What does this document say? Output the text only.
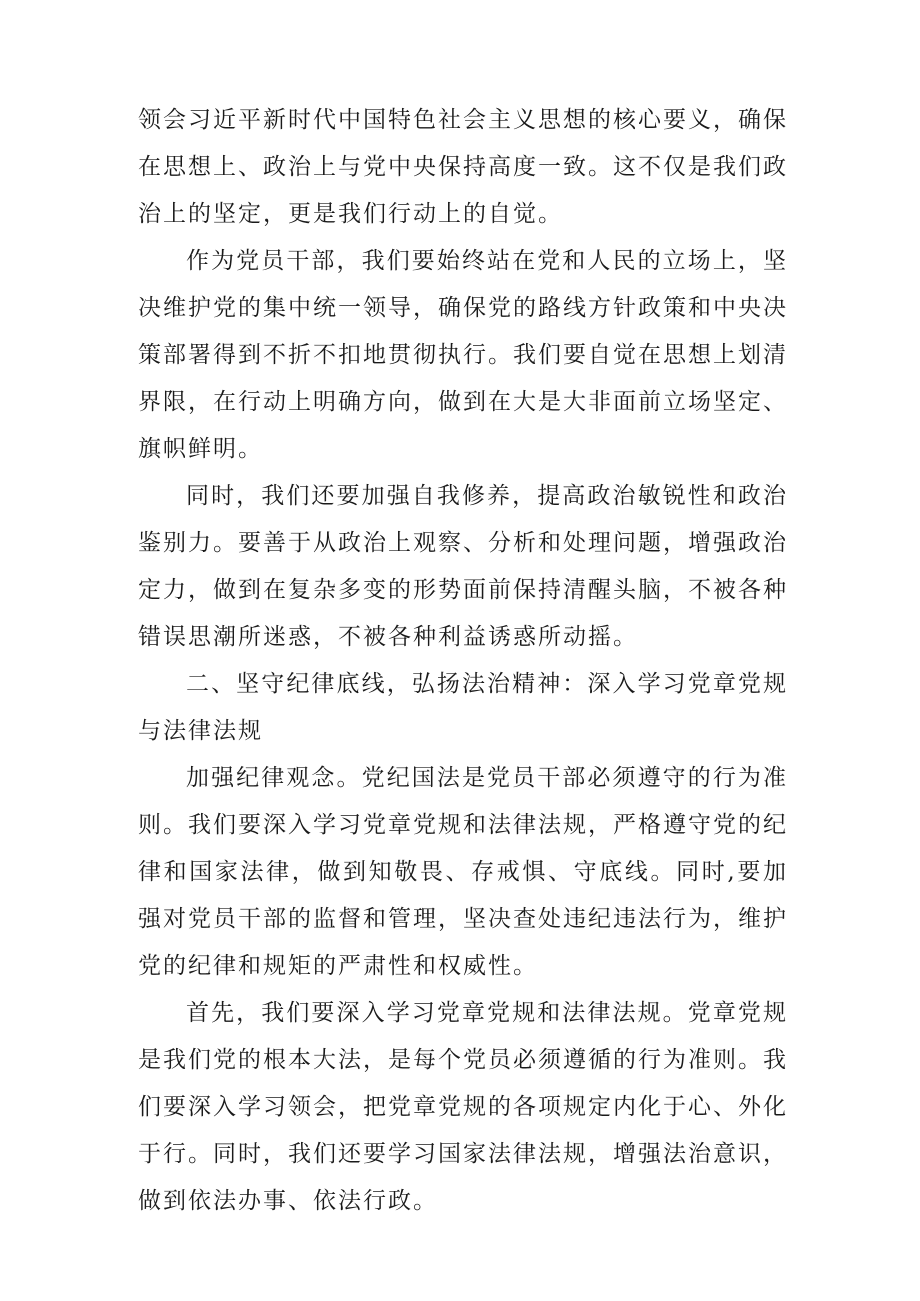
领会习近平新时代中国特色社会主义思想的核心要义，确保在思想上、政治上与党中央保持高度一致。这不仅是我们政治上的坚定，更是我们行动上的自觉。

作为党员干部，我们要始终站在党和人民的立场上，坚决维护党的集中统一领导，确保党的路线方针政策和中央决策部署得到不折不扣地贯彻执行。我们要自觉在思想上划清界限，在行动上明确方向，做到在大是大非面前立场坚定、旗帜鲜明。

同时，我们还要加强自我修养，提高政治敏锐性和政治鉴别力。要善于从政治上观察、分析和处理问题，增强政治定力，做到在复杂多变的形势面前保持清醒头脑，不被各种错误思潮所迷惑，不被各种利益诱惑所动摇。

二、坚守纪律底线，弘扬法治精神：深入学习党章党规与法律法规

加强纪律观念。党纪国法是党员干部必须遵守的行为准则。我们要深入学习党章党规和法律法规，严格遵守党的纪律和国家法律，做到知敬畏、存戒惧、守底线。同时,要加强对党员干部的监督和管理，坚决查处违纪违法行为，维护党的纪律和规矩的严肃性和权威性。

首先，我们要深入学习党章党规和法律法规。党章党规是我们党的根本大法，是每个党员必须遵循的行为准则。我们要深入学习领会，把党章党规的各项规定内化于心、外化于行。同时，我们还要学习国家法律法规，增强法治意识，做到依法办事、依法行政。
